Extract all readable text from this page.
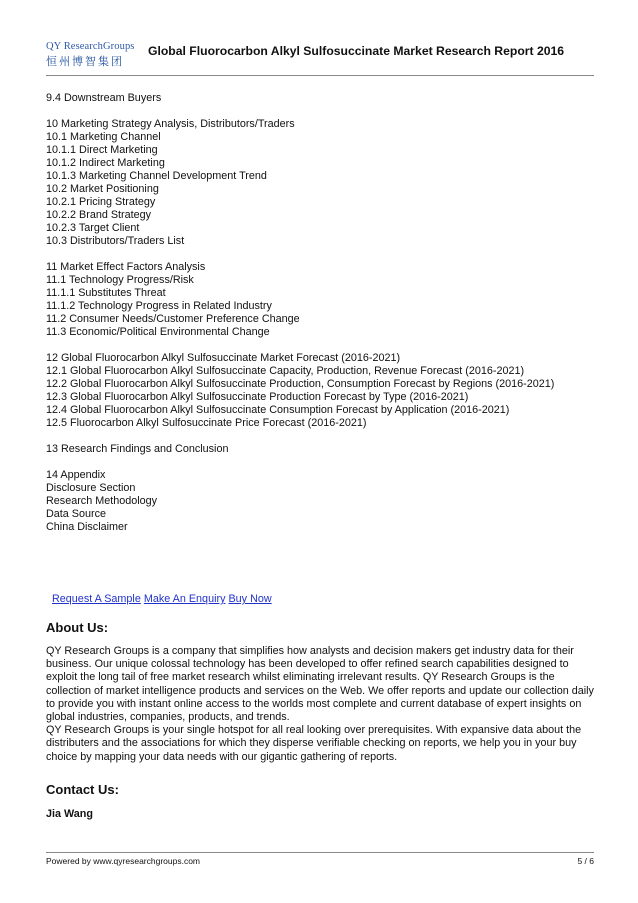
QY ResearchGroups
恒州博智集团
Global Fluorocarbon Alkyl Sulfosuccinate Market Research Report 2016
9.4 Downstream Buyers
10 Marketing Strategy Analysis, Distributors/Traders
10.1 Marketing Channel
10.1.1 Direct Marketing
10.1.2 Indirect Marketing
10.1.3 Marketing Channel Development Trend
10.2 Market Positioning
10.2.1 Pricing Strategy
10.2.2 Brand Strategy
10.2.3 Target Client
10.3 Distributors/Traders List
11 Market Effect Factors Analysis
11.1 Technology Progress/Risk
11.1.1 Substitutes Threat
11.1.2 Technology Progress in Related Industry
11.2 Consumer Needs/Customer Preference Change
11.3 Economic/Political Environmental Change
12 Global Fluorocarbon Alkyl Sulfosuccinate Market Forecast (2016-2021)
12.1 Global Fluorocarbon Alkyl Sulfosuccinate Capacity, Production, Revenue Forecast (2016-2021)
12.2 Global Fluorocarbon Alkyl Sulfosuccinate Production, Consumption Forecast by Regions (2016-2021)
12.3 Global Fluorocarbon Alkyl Sulfosuccinate Production Forecast by Type (2016-2021)
12.4 Global Fluorocarbon Alkyl Sulfosuccinate Consumption Forecast by Application (2016-2021)
12.5 Fluorocarbon Alkyl Sulfosuccinate Price Forecast (2016-2021)
13 Research Findings and Conclusion
14 Appendix
Disclosure Section
Research Methodology
Data Source
China Disclaimer
Request A Sample Make An Enquiry Buy Now
About Us:

QY Research Groups is a company that simplifies how analysts and decision makers get industry data for their business. Our unique colossal technology has been developed to offer refined search capabilities designed to exploit the long tail of free market research whilst eliminating irrelevant results. QY Research Groups is the collection of market intelligence products and services on the Web. We offer reports and update our collection daily to provide you with instant online access to the worlds most complete and current database of expert insights on global industries, companies, products, and trends.

QY Research Groups is your single hotspot for all real looking over prerequisites. With expansive data about the distributers and the associations for which they disperse verifiable checking on reports, we help you in your buy choice by mapping your data needs with our gigantic gathering of reports.

Contact Us:
Jia Wang
Powered by www.qyresearchgroups.com	5 / 6
